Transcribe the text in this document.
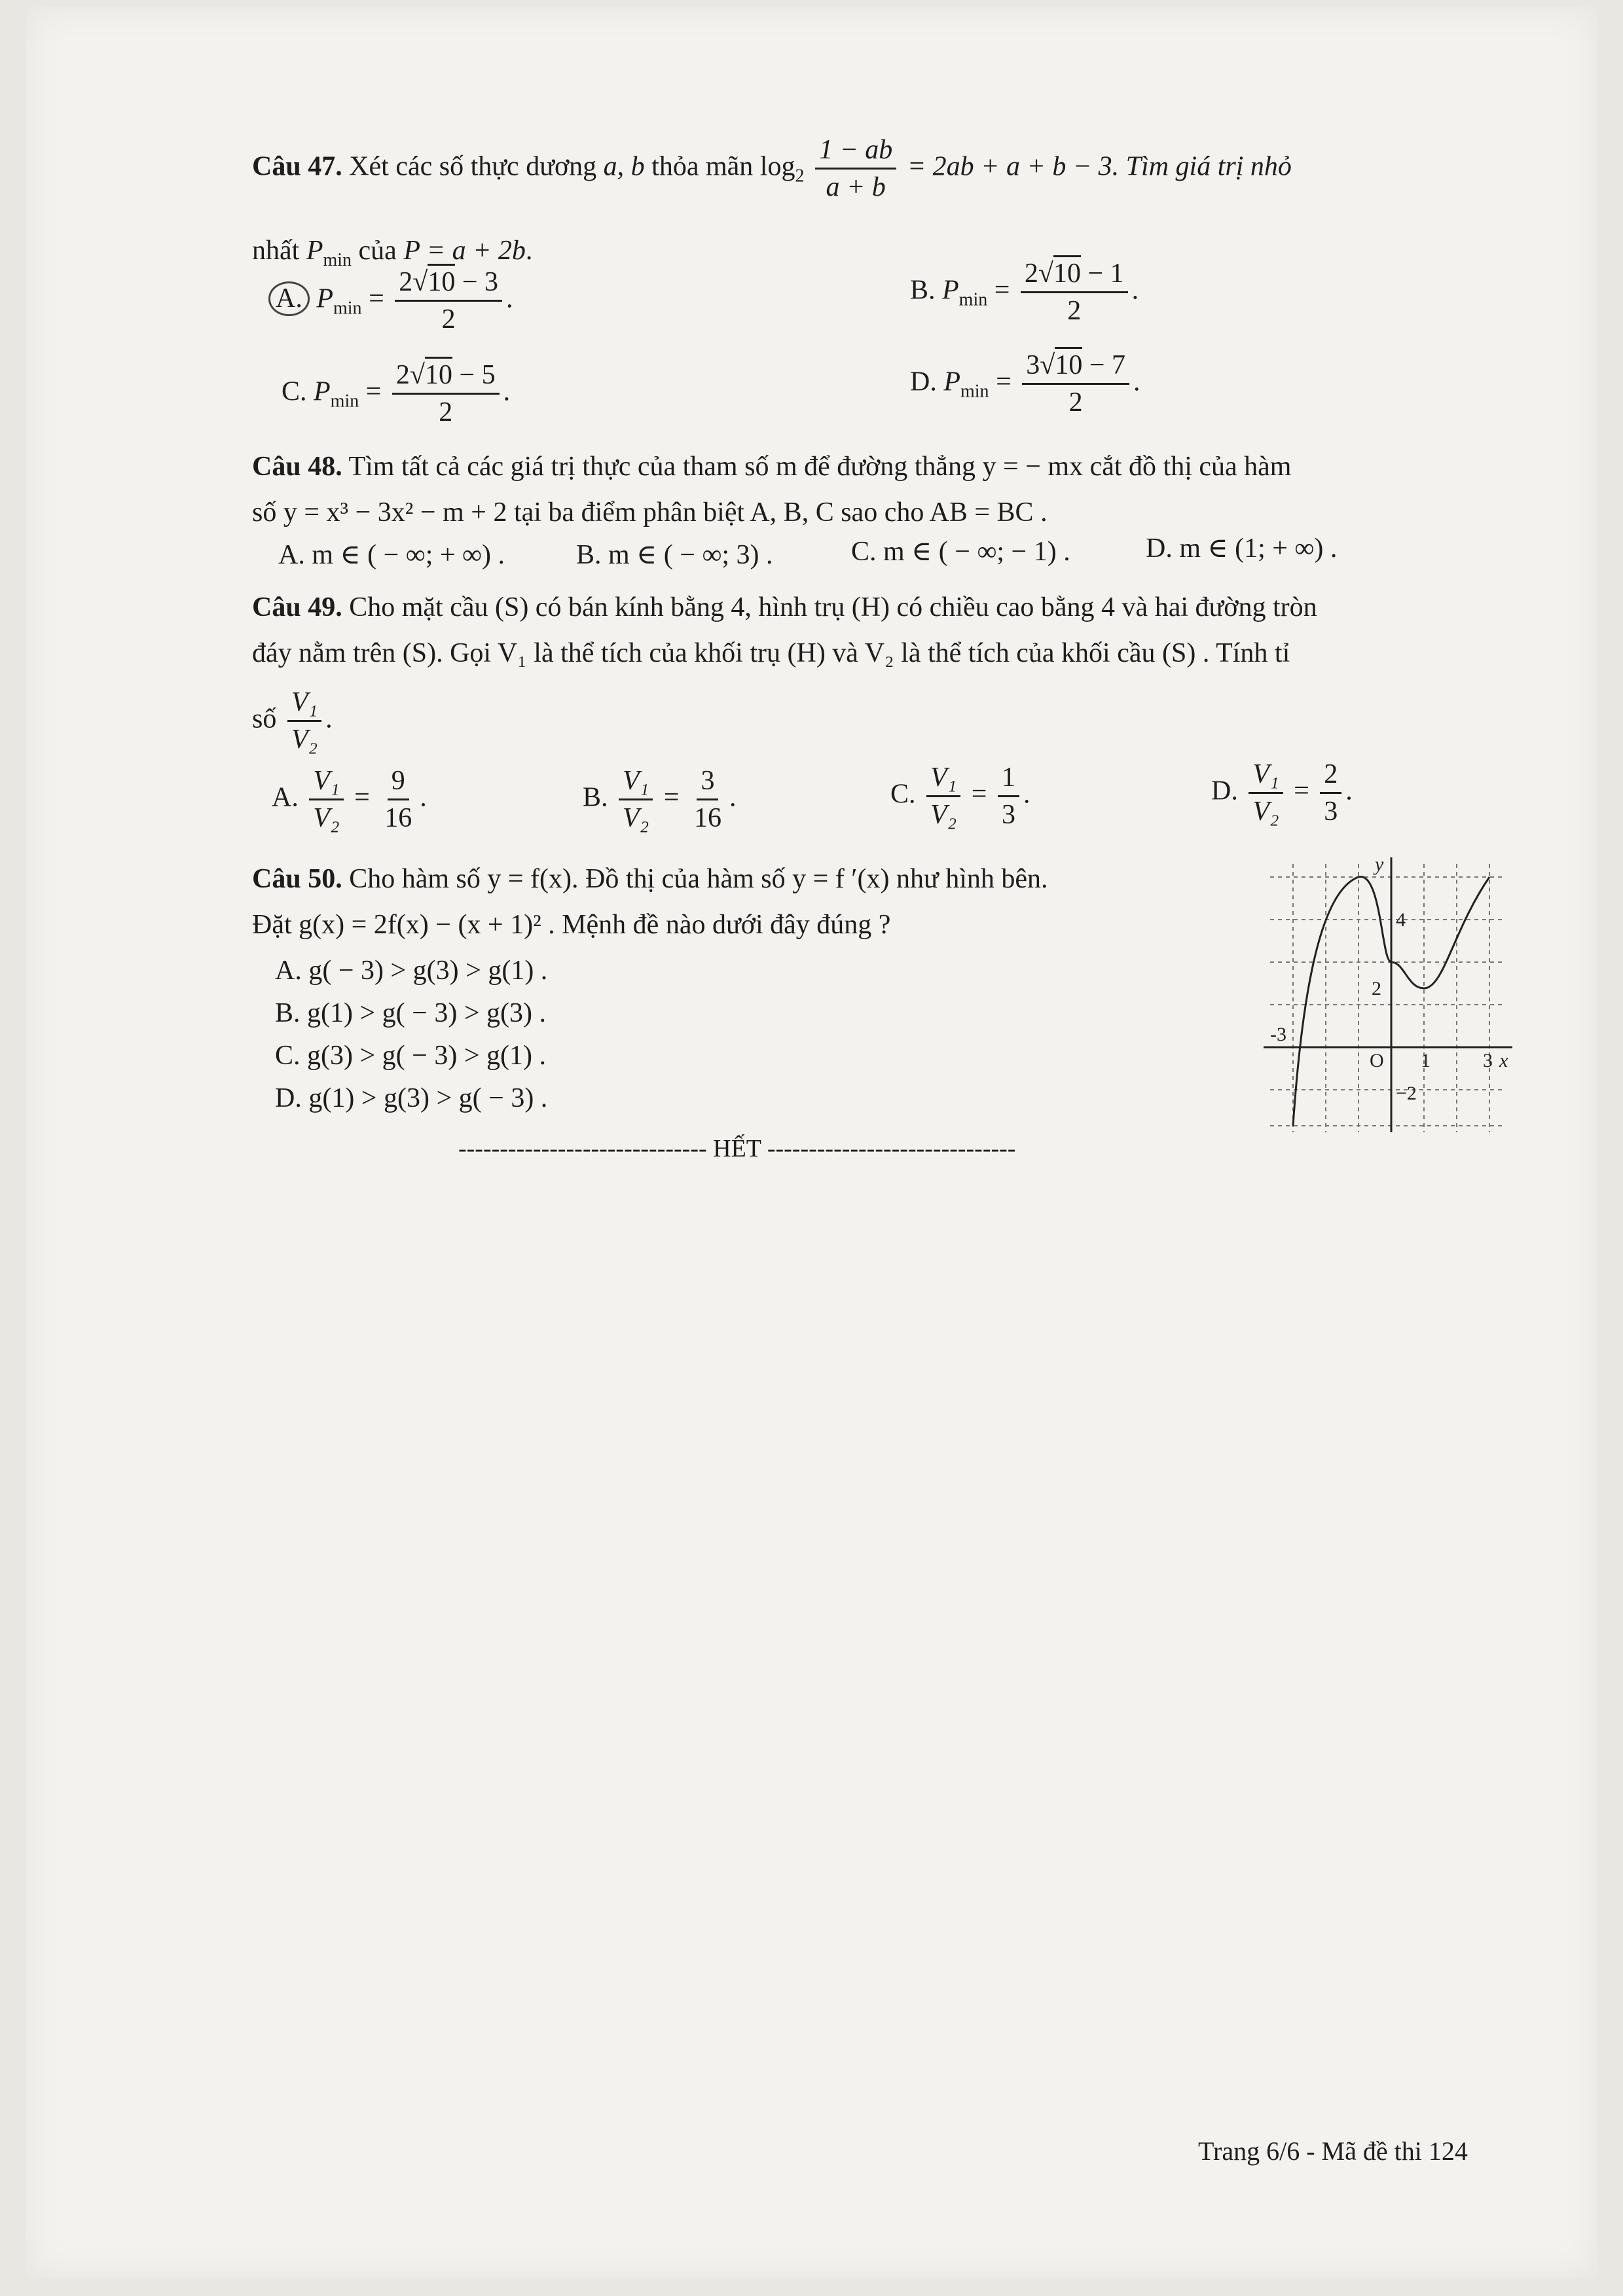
Câu 47. Xét các số thực dương a, b thỏa mãn $\log_2 \frac{1 - ab}{a + b} = 2ab + a + b - 3$. Tìm giá trị nhỏ
nhất $P_{min}$ của P = a + 2b.
A. $P_{min} = \frac{2√10 - 3}{2}$ .	B. $P_{min} = \frac{2√10 - 1}{2}$ .
C. $P_{min} = \frac{2√10 - 5}{2}$ .	D. $P_{min} = \frac{3√10 - 7}{2}$ .
Câu 48. Tìm tất cả các giá trị thực của tham số m để đường thẳng y = − mx cắt đồ thị của hàm
số y = x³ − 3x² − m + 2 tại ba điểm phân biệt A, B, C sao cho AB = BC .
A. m ∈ ( − ∞; + ∞) .	B. m ∈ ( − ∞; 3) .	C. m ∈ ( − ∞; − 1) .	D. m ∈ (1; + ∞) .
Câu 49. Cho mặt cầu (S) có bán kính bằng 4, hình trụ (H) có chiều cao bằng 4 và hai đường tròn
đáy nằm trên (S). Gọi V₁ là thể tích của khối trụ (H) và V₂ là thể tích của khối cầu (S) . Tính tỉ
số $\frac{\text{V₁}}{\text{V₂}}$ .
A. $\frac{\text{V₁}}{\text{V₂}} = \frac{9}{16}$ .	B. $\frac{\text{V₁}}{\text{V₂}} = \frac{3}{16}$ .	C. $\frac{\text{V₁}}{\text{V₂}} = \frac{1}{3}$ .	D. $\frac{\text{V₁}}{\text{V₂}} = \frac{2}{3}$ .
Câu 50. Cho hàm số y = f(x). Đồ thị của hàm số y = f ′(x) như hình bên.
Đặt g(x) = 2f(x) − (x + 1)² . Mệnh đề nào dưới đây đúng ?
A. g( − 3) > g(3) > g(1) .
B. g(1) > g( − 3) > g(3) .
C. g(3) > g( − 3) > g(1) .
D. g(1) > g(3) > g( − 3) .
y
x
4
2
-3
O 1	3
−2
------------------------------ HẾT ------------------------------
Trang 6/6 - Mã đề thi 124
